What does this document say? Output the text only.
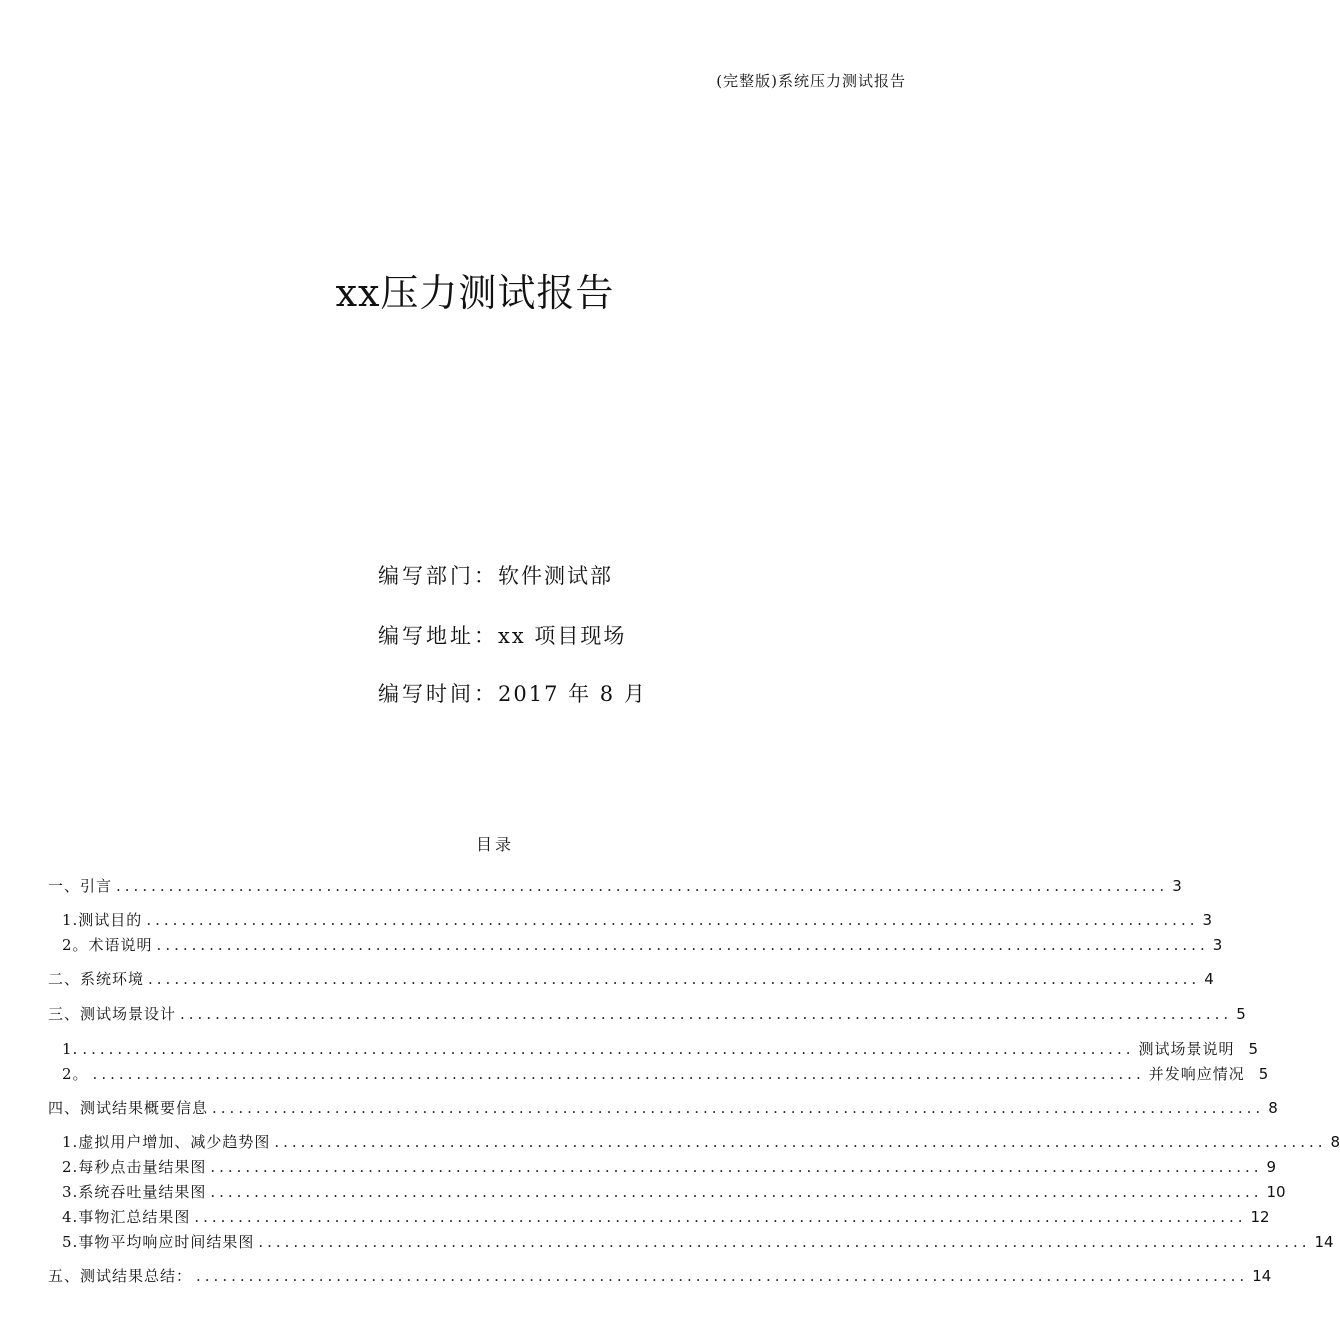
(完整版)系统压力测试报告
xx压力测试报告
编写部门：软件测试部
编写地址：xx 项目现场
编写时间：2017 年 8 月
目录
一、引言 ........................................................................................................................ 3
1.测试目的 ........................................................................................................................ 3
2。术语说明 ........................................................................................................................ 3
二、系统环境 ........................................................................................................................ 4
三、测试场景设计 ........................................................................................................................ 5
1. ........................................................................................................................ 测试场景说明 5
2。 ........................................................................................................................ 并发响应情况 5
四、测试结果概要信息 ........................................................................................................................ 8
1. 虚拟用户增加、减少趋势图 ........................................................................................................................ 8
2. 每秒点击量结果图 ........................................................................................................................ 9
3. 系统吞吐量结果图 ........................................................................................................................ 10
4. 事物汇总结果图 ........................................................................................................................ 12
5. 事物平均响应时间结果图 ........................................................................................................................ 14
五、测试结果总结： ........................................................................................................................ 14
